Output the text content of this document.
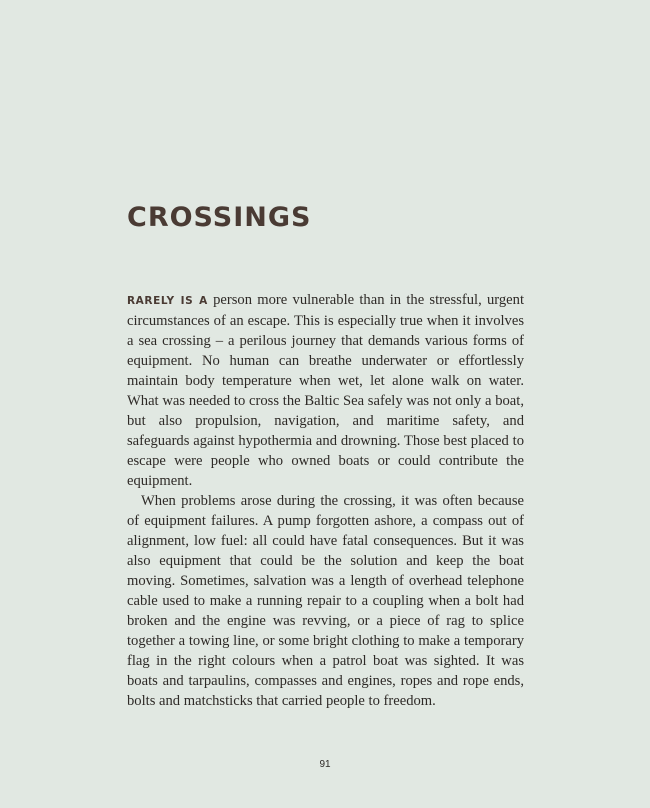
CROSSINGS

RARELY IS A person more vulnerable than in the stressful, urgent circumstances of an escape. This is especially true when it involves a sea crossing – a perilous journey that demands various forms of equipment. No human can breathe underwater or effortlessly maintain body temperature when wet, let alone walk on water. What was needed to cross the Baltic Sea safely was not only a boat, but also propulsion, navigation, and maritime safety, and safeguards against hypothermia and drowning. Those best placed to escape were people who owned boats or could contribute the equipment.

When problems arose during the crossing, it was often because of equipment failures. A pump forgotten ashore, a compass out of alignment, low fuel: all could have fatal consequences. But it was also equipment that could be the solution and keep the boat moving. Sometimes, salvation was a length of overhead telephone cable used to make a running repair to a coupling when a bolt had broken and the engine was revving, or a piece of rag to splice together a towing line, or some bright clothing to make a temporary flag in the right colours when a patrol boat was sighted. It was boats and tarpaulins, compasses and engines, ropes and rope ends, bolts and matchsticks that carried people to freedom.

91
